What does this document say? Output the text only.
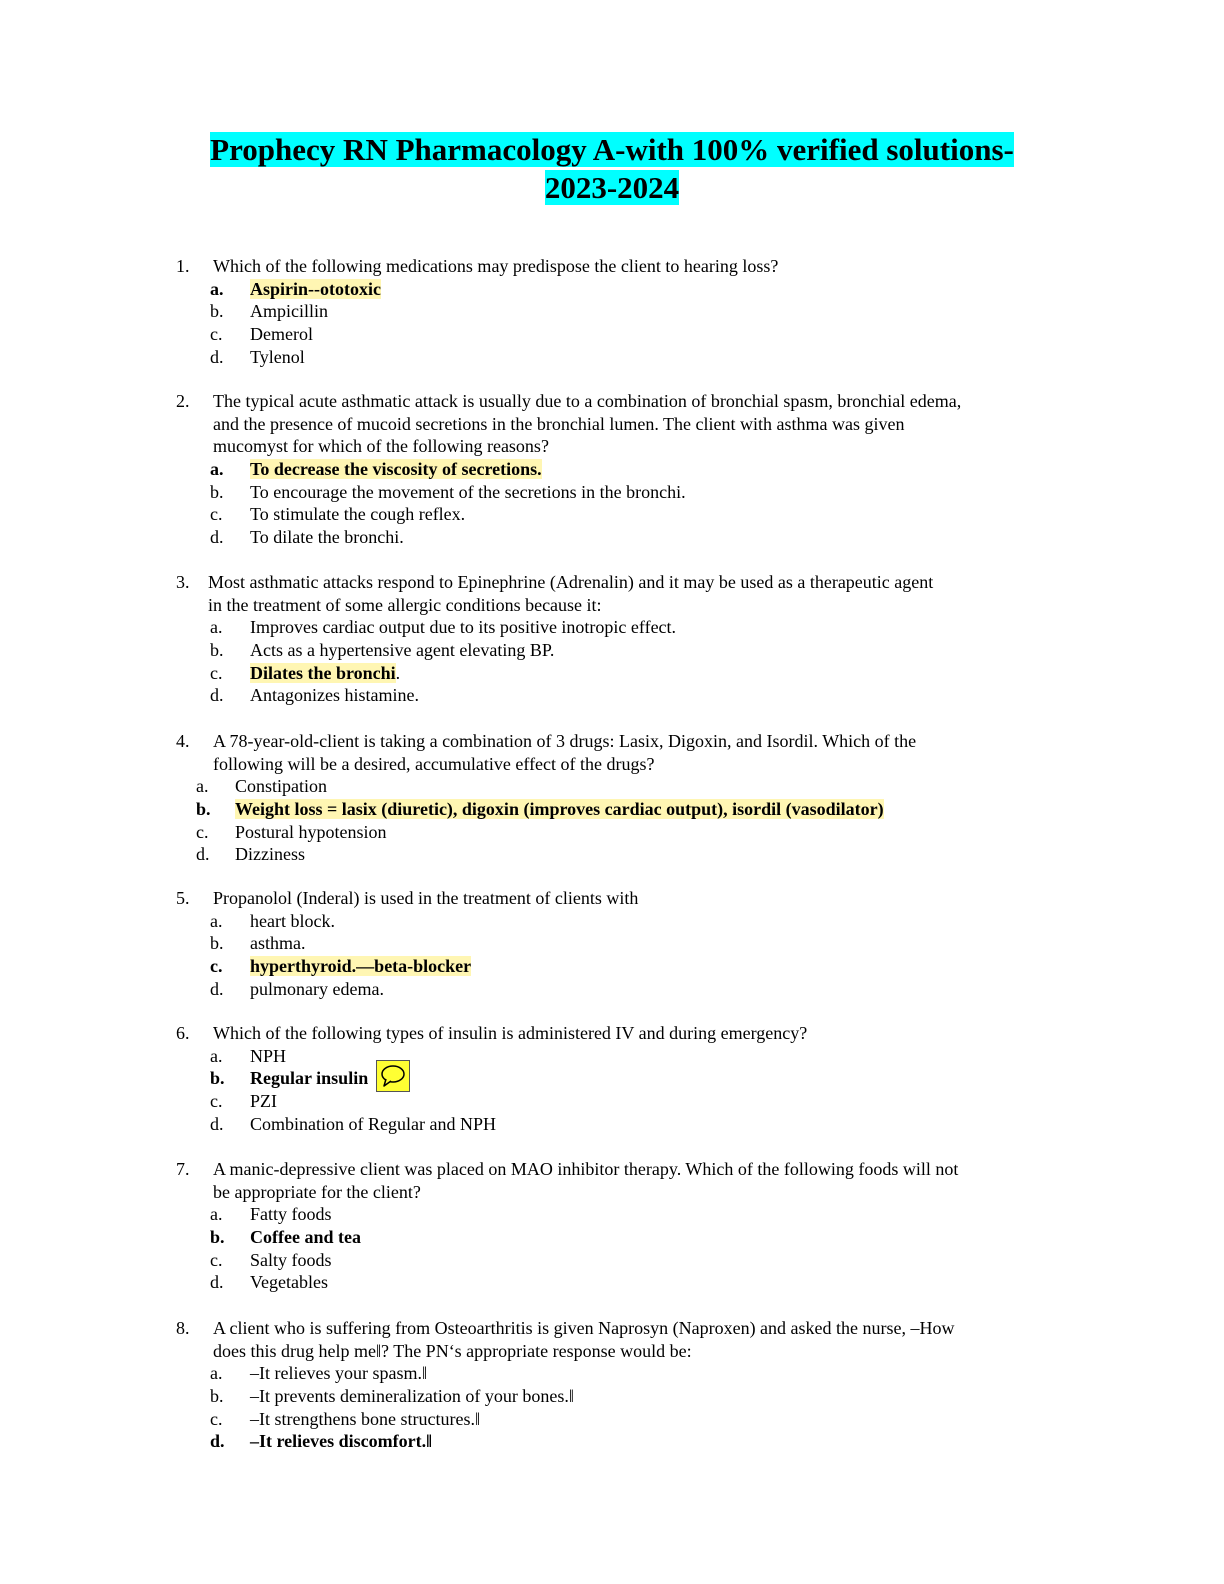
Prophecy RN Pharmacology A-with 100% verified solutions-
2023-2024
1.	Which of the following medications may predispose the client to hearing loss?
a. Aspirin--ototoxic
b. Ampicillin
c. Demerol
d. Tylenol
2.	The typical acute asthmatic attack is usually due to a combination of bronchial spasm, bronchial edema,
and the presence of mucoid secretions in the bronchial lumen. The client with asthma was given
mucomyst for which of the following reasons?
a. To decrease the viscosity of secretions.
b. To encourage the movement of the secretions in the bronchi.
c. To stimulate the cough reflex.
d. To dilate the bronchi.
3.	Most asthmatic attacks respond to Epinephrine (Adrenalin) and it may be used as a therapeutic agent
in the treatment of some allergic conditions because it:
a. Improves cardiac output due to its positive inotropic effect.
b. Acts as a hypertensive agent elevating BP.
c. Dilates the bronchi.
d. Antagonizes histamine.
4.	A 78-year-old-client is taking a combination of 3 drugs: Lasix, Digoxin, and Isordil. Which of the
following will be a desired, accumulative effect of the drugs?
a. Constipation
b. Weight loss = lasix (diuretic), digoxin (improves cardiac output), isordil (vasodilator)
c. Postural hypotension
d. Dizziness
5.	Propanolol (Inderal) is used in the treatment of clients with
a. heart block.
b. asthma.
c. hyperthyroid.—beta-blocker
d. pulmonary edema.
6.	Which of the following types of insulin is administered IV and during emergency?
a. NPH
b. Regular insulin
c. PZI
d. Combination of Regular and NPH
7.	A manic-depressive client was placed on MAO inhibitor therapy. Which of the following foods will not
be appropriate for the client?
a. Fatty foods
b. Coffee and tea
c. Salty foods
d. Vegetables
8.	A client who is suffering from Osteoarthritis is given Naprosyn (Naproxen) and asked the nurse, –How
does this drug help me‖? The PN‘s appropriate response would be:
a. –It relieves your spasm.‖
b. –It prevents demineralization of your bones.‖
c. –It strengthens bone structures.‖
d. –It relieves discomfort.‖
